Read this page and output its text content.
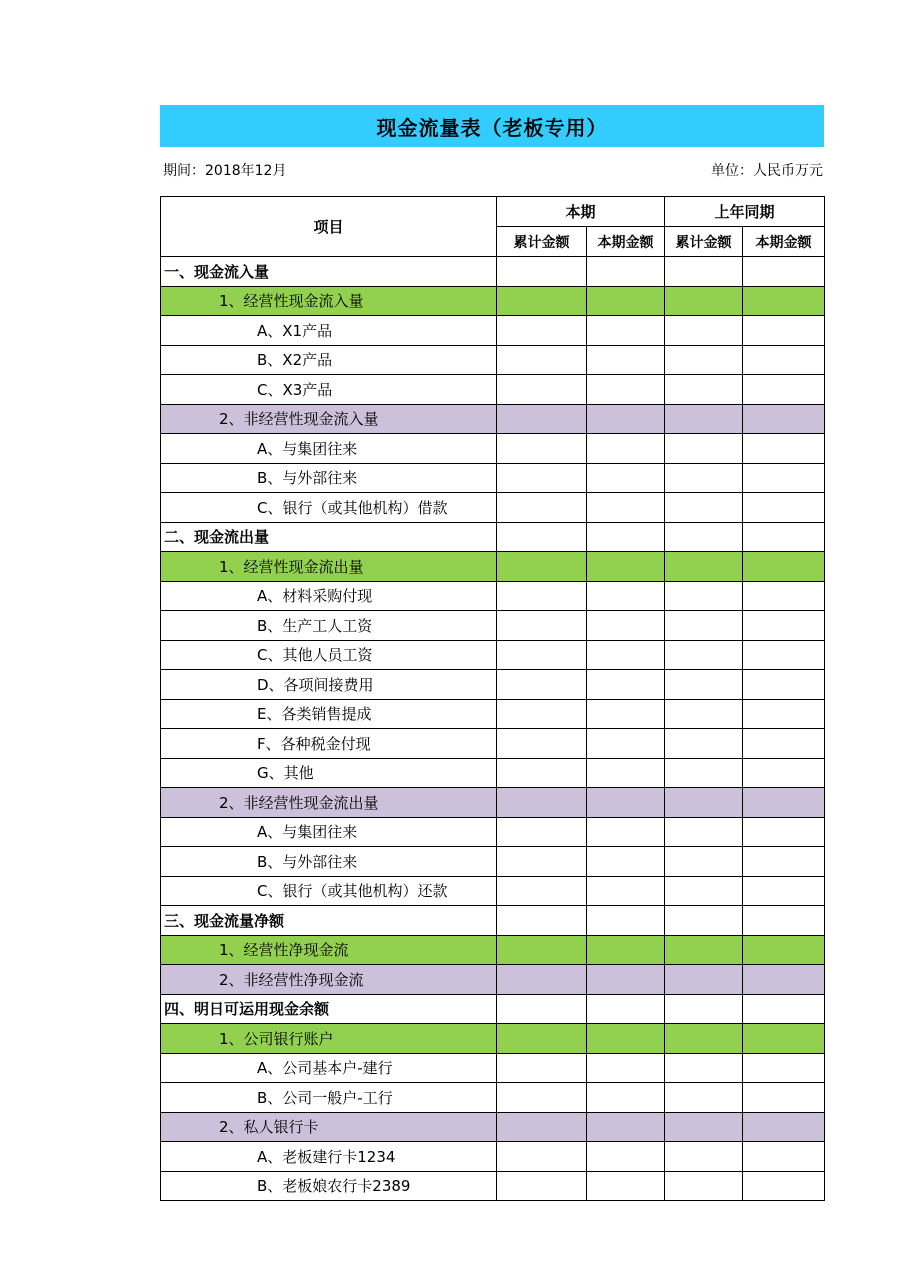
现金流量表（老板专用）
期间：2018年12月	单位：人民币万元
项目	本期		上年同期	
	累计金额	本期金额	累计金额	本期金额
一、现金流入量				
1、经营性现金流入量				
A、X1产品				
B、X2产品				
C、X3产品				
2、非经营性现金流入量				
A、与集团往来				
B、与外部往来				
C、银行（或其他机构）借款				
二、现金流出量				
1、经营性现金流出量				
A、材料采购付现				
B、生产工人工资				
C、其他人员工资				
D、各项间接费用				
E、各类销售提成				
F、各种税金付现				
G、其他				
2、非经营性现金流出量				
A、与集团往来				
B、与外部往来				
C、银行（或其他机构）还款				
三、现金流量净额				
1、经营性净现金流				
2、非经营性净现金流				
四、明日可运用现金余额				
1、公司银行账户				
A、公司基本户-建行				
B、公司一般户-工行				
2、私人银行卡				
A、老板建行卡1234				
B、老板娘农行卡2389				
